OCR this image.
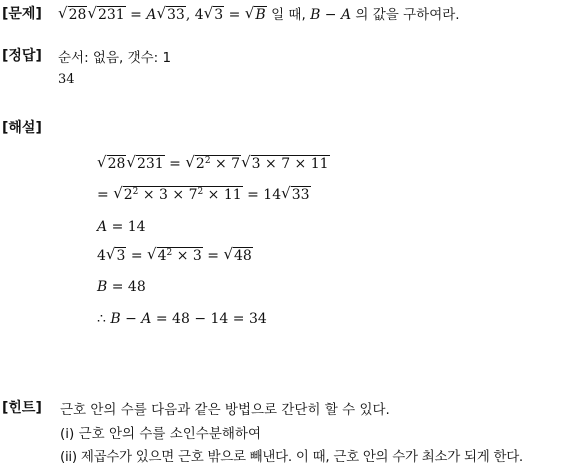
[문제] √ 28 √ 231 = A √ 33 , 4 √ 3 = √ B 일 때, B − A 의 값을 구하여라.
[정답] 순서: 없음, 갯수: 1
34
[해설]
√ 28 √ 231 = √ $2^2 \times 7$ √ 3 × 7 × 11
= √ $2^2 \times 3 \times 7^2 \times 11 = 14$ √ 33
A = 14
4 √ 3 = √ $4^2 \times 3$ = √ 48
B = 48
∴ B − A = 48 − 14 = 34
[힌트] 근호 안의 수를 다음과 같은 방법으로 간단히 할 수 있다.
(i) 근호 안의 수를 소인수분해하여
(ii) 제곱수가 있으면 근호 밖으로 빼낸다. 이 때, 근호 안의 수가 최소가 되게 한다.
